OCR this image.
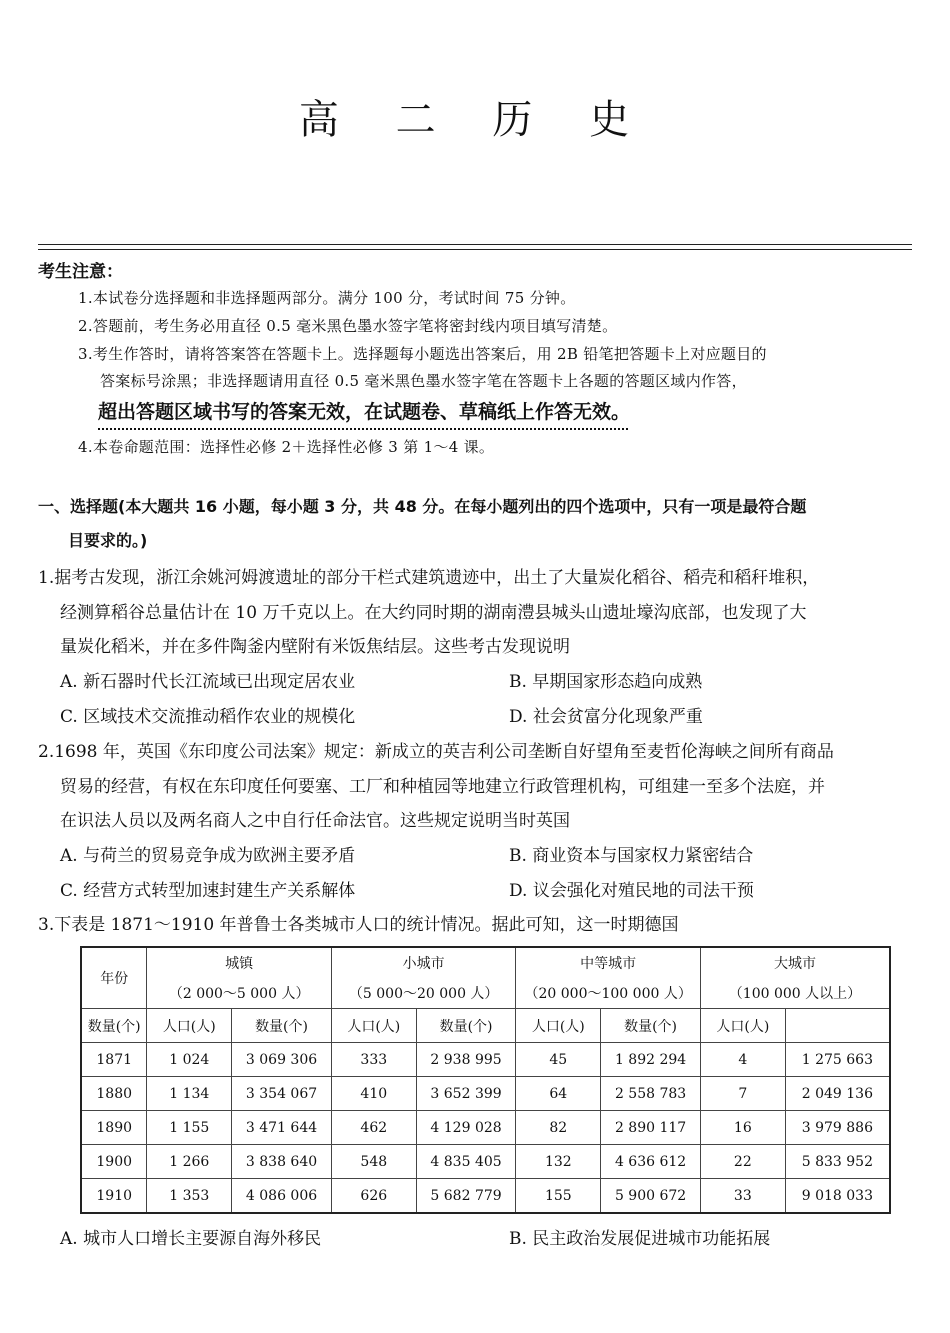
高 二 历 史
考生注意：
1.本试卷分选择题和非选择题两部分。满分 100 分，考试时间 75 分钟。
2.答题前，考生务必用直径 0.5 毫米黑色墨水签字笔将密封线内项目填写清楚。
3.考生作答时，请将答案答在答题卡上。选择题每小题选出答案后，用 2B 铅笔把答题卡上对应题目的
答案标号涂黑；非选择题请用直径 0.5 毫米黑色墨水签字笔在答题卡上各题的答题区域内作答，
超出答题区域书写的答案无效，在试题卷、草稿纸上作答无效。
4.本卷命题范围：选择性必修 2＋选择性必修 3 第 1～4 课。
一、选择题(本大题共 16 小题，每小题 3 分，共 48 分。在每小题列出的四个选项中，只有一项是最符合题
目要求的。)
1.据考古发现，浙江余姚河姆渡遗址的部分干栏式建筑遗迹中，出土了大量炭化稻谷、稻壳和稻秆堆积，
经测算稻谷总量估计在 10 万千克以上。在大约同时期的湖南澧县城头山遗址壕沟底部，也发现了大
量炭化稻米，并在多件陶釜内壁附有米饭焦结层。这些考古发现说明
A. 新石器时代长江流域已出现定居农业	B. 早期国家形态趋向成熟
C. 区域技术交流推动稻作农业的规模化	D. 社会贫富分化现象严重
2.1698 年，英国《东印度公司法案》规定：新成立的英吉利公司垄断自好望角至麦哲伦海峡之间所有商品
贸易的经营，有权在东印度任何要塞、工厂和种植园等地建立行政管理机构，可组建一至多个法庭，并
在识法人员以及两名商人之中自行任命法官。这些规定说明当时英国
A. 与荷兰的贸易竞争成为欧洲主要矛盾	B. 商业资本与国家权力紧密结合
C. 经营方式转型加速封建生产关系解体	D. 议会强化对殖民地的司法干预
3.下表是 1871～1910 年普鲁士各类城市人口的统计情况。据此可知，这一时期德国
年份	城镇		小城市		中等城市		大城市	
	（2 000～5 000 人）		（5 000～20 000 人）		（20 000～100 000 人）		（100 000 人以上）	
数量(个)	人口(人)	数量(个)	人口(人)	数量(个)	人口(人)	数量(个)	人口(人)	
1871	1 024	3 069 306	333	2 938 995	45	1 892 294	4	1 275 663
1880	1 134	3 354 067	410	3 652 399	64	2 558 783	7	2 049 136
1890	1 155	3 471 644	462	4 129 028	82	2 890 117	16	3 979 886
1900	1 266	3 838 640	548	4 835 405	132	4 636 612	22	5 833 952
1910	1 353	4 086 006	626	5 682 779	155	5 900 672	33	9 018 033
A. 城市人口增长主要源自海外移民	B. 民主政治发展促进城市功能拓展
